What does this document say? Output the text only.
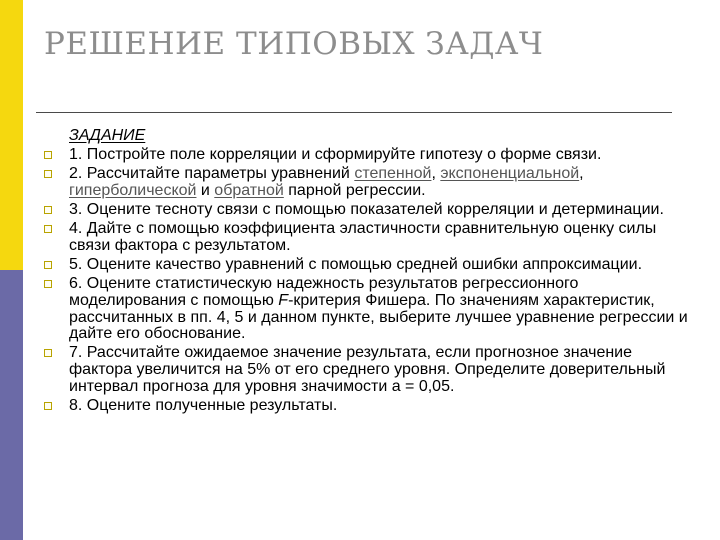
РЕШЕНИЕ ТИПОВЫХ ЗАДАЧ
ЗАДАНИЕ
1. Постройте поле корреляции и сформируйте гипотезу о форме связи.
2. Рассчитайте параметры уравнений степенной, экспоненциальной, гиперболической и обратной парной регрессии.
3. Оцените тесноту связи с помощью показателей корреляции и детерминации.
4. Дайте с помощью коэффициента эластичности сравнительную оценку силы связи фактора с результатом.
5. Оцените качество уравнений с помощью средней ошибки аппроксимации.
6. Оцените статистическую надежность результатов регрессионного моделирования с помощью F-критерия Фишера. По значениям характеристик, рассчитанных в пп. 4, 5 и данном пункте, выберите лучшее уравнение регрессии и дайте его обоснование.
7. Рассчитайте ожидаемое значение результата, если прогнозное значение фактора увеличится на 5% от его среднего уровня. Определите доверительный интервал прогноза для уровня значимости a = 0,05.
8. Оцените полученные результаты.
